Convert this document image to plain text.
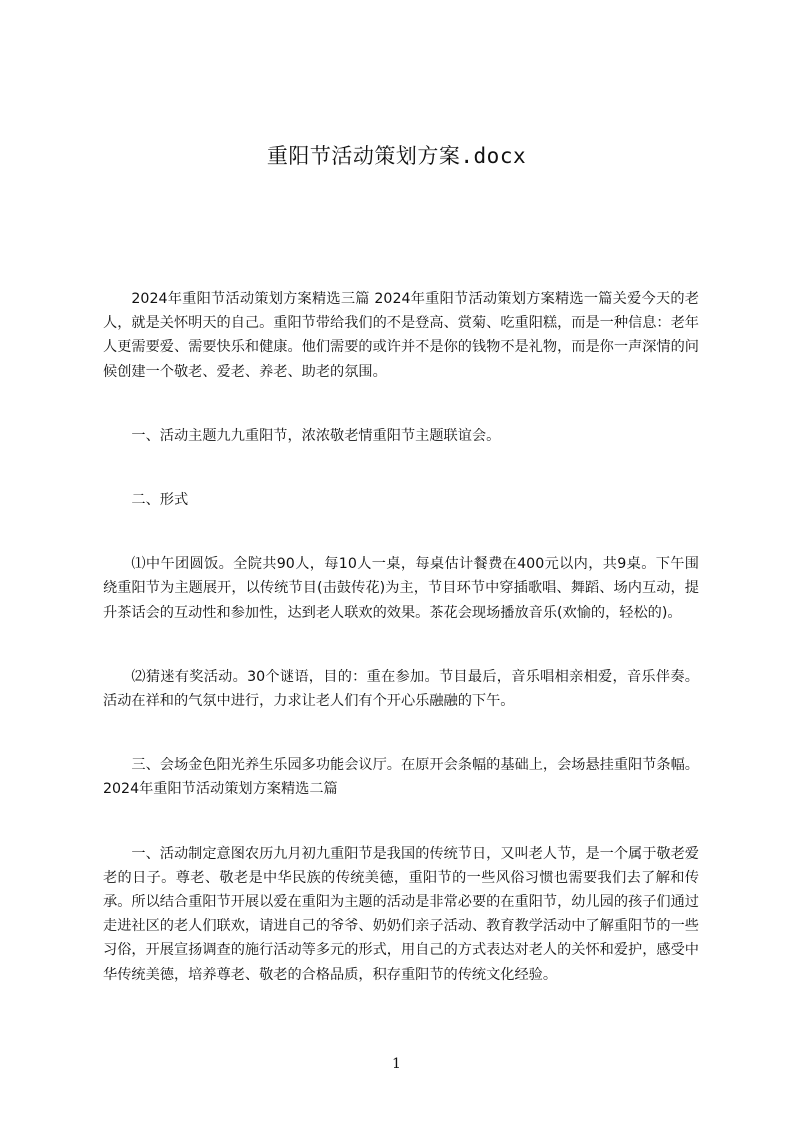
重阳节活动策划方案.docx

2024年重阳节活动策划方案精选三篇 2024年重阳节活动策划方案精选一篇关爱今天的老人，就是关怀明天的自己。重阳节带给我们的不是登高、赏菊、吃重阳糕，而是一种信息：老年人更需要爱、需要快乐和健康。他们需要的或许并不是你的钱物不是礼物，而是你一声深情的问候创建一个敬老、爱老、养老、助老的氛围。

一、活动主题九九重阳节，浓浓敬老情重阳节主题联谊会。

二、形式

⑴中午团圆饭。全院共90人，每10人一桌，每桌估计餐费在400元以内，共9桌。下午围绕重阳节为主题展开，以传统节目(击鼓传花)为主，节目环节中穿插歌唱、舞蹈、场内互动，提升茶话会的互动性和参加性，达到老人联欢的效果。茶花会现场播放音乐(欢愉的，轻松的)。

⑵猜迷有奖活动。30个谜语，目的：重在参加。节目最后，音乐唱相亲相爱，音乐伴奏。活动在祥和的气氛中进行，力求让老人们有个开心乐融融的下午。

三、会场金色阳光养生乐园多功能会议厅。在原开会条幅的基础上，会场悬挂重阳节条幅。2024年重阳节活动策划方案精选二篇

一、活动制定意图农历九月初九重阳节是我国的传统节日，又叫老人节，是一个属于敬老爱老的日子。尊老、敬老是中华民族的传统美德，重阳节的一些风俗习惯也需要我们去了解和传承。所以结合重阳节开展以爱在重阳为主题的活动是非常必要的在重阳节，幼儿园的孩子们通过走进社区的老人们联欢，请进自己的爷爷、奶奶们亲子活动、教育教学活动中了解重阳节的一些习俗，开展宣扬调查的施行活动等多元的形式，用自己的方式表达对老人的关怀和爱护，感受中华传统美德，培养尊老、敬老的合格品质，积存重阳节的传统文化经验。

1
